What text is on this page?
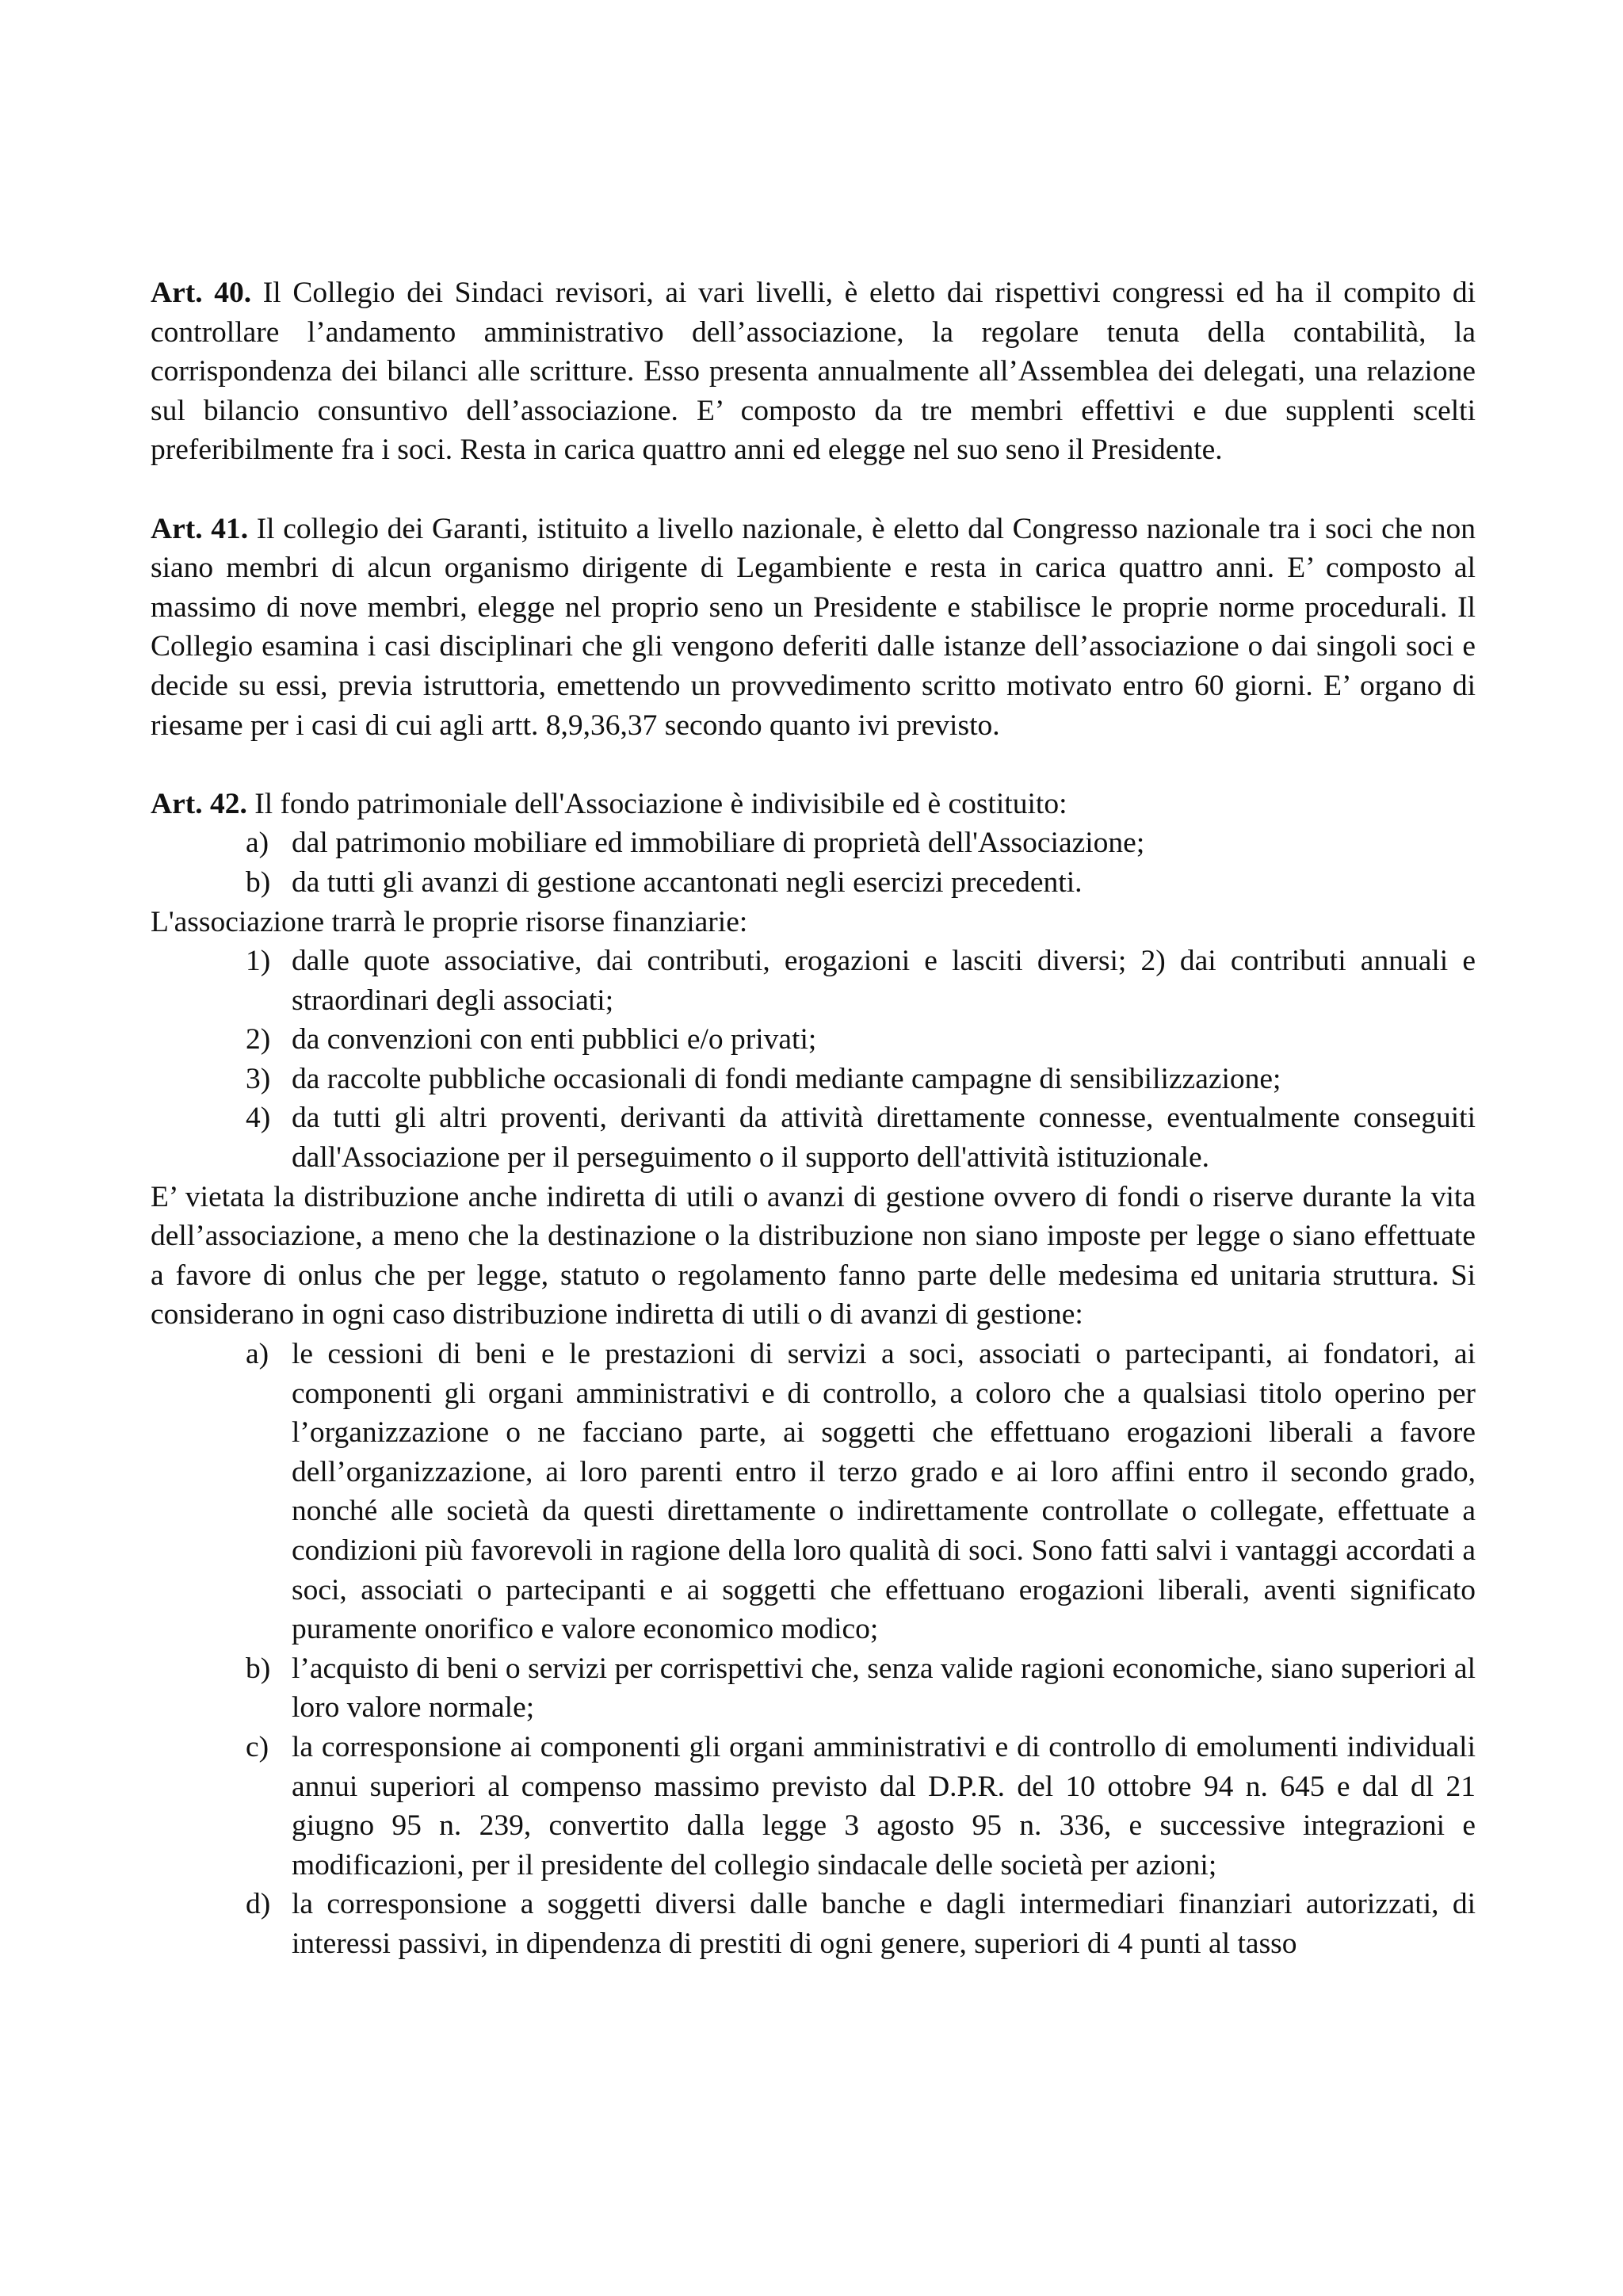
Art. 40. Il Collegio dei Sindaci revisori, ai vari livelli, è eletto dai rispettivi congressi ed ha il compito di controllare l’andamento amministrativo dell’associazione, la regolare tenuta della contabilità, la corrispondenza dei bilanci alle scritture. Esso presenta annualmente all’Assemblea dei delegati, una relazione sul bilancio consuntivo dell’associazione. E’ composto da tre membri effettivi e due supplenti scelti preferibilmente fra i soci. Resta in carica quattro anni ed elegge nel suo seno il Presidente.

Art. 41. Il collegio dei Garanti, istituito a livello nazionale, è eletto dal Congresso nazionale tra i soci che non siano membri di alcun organismo dirigente di Legambiente e resta in carica quattro anni. E’ composto al massimo di nove membri, elegge nel proprio seno un Presidente e stabilisce le proprie norme procedurali. Il Collegio esamina i casi disciplinari che gli vengono deferiti dalle istanze dell’associazione o dai singoli soci e decide su essi, previa istruttoria, emettendo un provvedimento scritto motivato entro 60 giorni. E’ organo di riesame per i casi di cui agli artt. 8,9,36,37 secondo quanto ivi previsto.

Art. 42. Il fondo patrimoniale dell'Associazione è indivisibile ed è costituito:

a) dal patrimonio mobiliare ed immobiliare di proprietà dell'Associazione;
b) da tutti gli avanzi di gestione accantonati negli esercizi precedenti.

L'associazione trarrà le proprie risorse finanziarie:

1) dalle quote associative, dai contributi, erogazioni e lasciti diversi; 2) dai contributi annuali e straordinari degli associati;
2) da convenzioni con enti pubblici e/o privati;
3) da raccolte pubbliche occasionali di fondi mediante campagne di sensibilizzazione;
4) da tutti gli altri proventi, derivanti da attività direttamente connesse, eventualmente conseguiti dall'Associazione per il perseguimento o il supporto dell'attività istituzionale.

E’ vietata la distribuzione anche indiretta di utili o avanzi di gestione ovvero di fondi o riserve durante la vita dell’associazione, a meno che la destinazione o la distribuzione non siano imposte per legge o siano effettuate a favore di onlus che per legge, statuto o regolamento fanno parte delle medesima ed unitaria struttura. Si considerano in ogni caso distribuzione indiretta di utili o di avanzi di gestione:

a) le cessioni di beni e le prestazioni di servizi a soci, associati o partecipanti, ai fondatori, ai componenti gli organi amministrativi e di controllo, a coloro che a qualsiasi titolo operino per l’organizzazione o ne facciano parte, ai soggetti che effettuano erogazioni liberali a favore dell’organizzazione, ai loro parenti entro il terzo grado e ai loro affini entro il secondo grado, nonché alle società da questi direttamente o indirettamente controllate o collegate, effettuate a condizioni più favorevoli in ragione della loro qualità di soci. Sono fatti salvi i vantaggi accordati a soci, associati o partecipanti e ai soggetti che effettuano erogazioni liberali, aventi significato puramente onorifico e valore economico modico;
b) l’acquisto di beni o servizi per corrispettivi che, senza valide ragioni economiche, siano superiori al loro valore normale;
c) la corresponsione ai componenti gli organi amministrativi e di controllo di emolumenti individuali annui superiori al compenso massimo previsto dal D.P.R. del 10 ottobre 94 n. 645 e dal dl 21 giugno 95 n. 239, convertito dalla legge 3 agosto 95 n. 336, e successive integrazioni e modificazioni, per il presidente del collegio sindacale delle società per azioni;
d) la corresponsione a soggetti diversi dalle banche e dagli intermediari finanziari autorizzati, di interessi passivi, in dipendenza di prestiti di ogni genere, superiori di 4 punti al tasso
